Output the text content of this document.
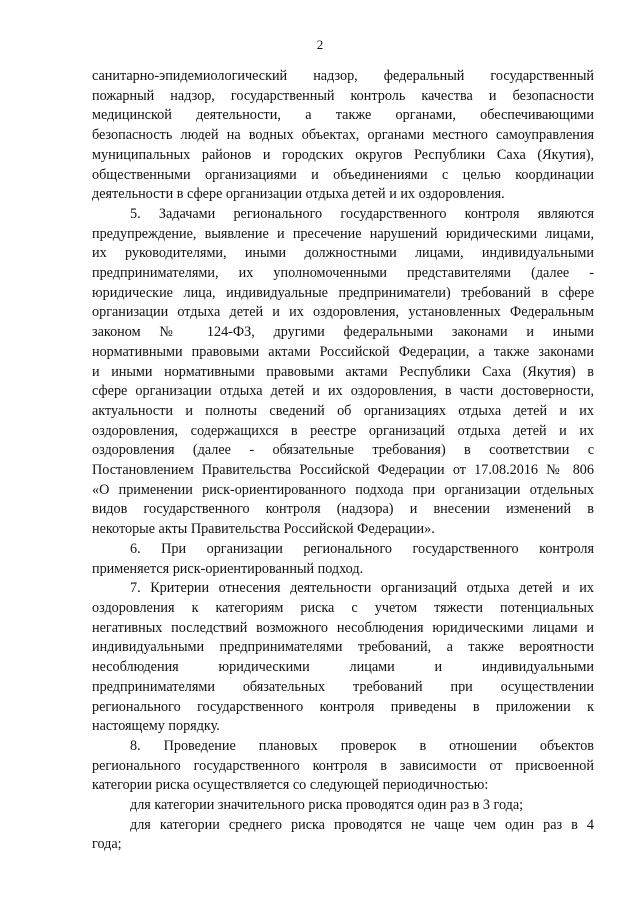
2
санитарно-эпидемиологический надзор, федеральный государственный
пожарный надзор, государственный контроль качества и безопасности
медицинской деятельности, а также органами, обеспечивающими
безопасность людей на водных объектах, органами местного самоуправления
муниципальных районов и городских округов Республики Саха (Якутия),
общественными организациями и объединениями с целью координации
деятельности в сфере организации отдыха детей и их оздоровления.
5. Задачами регионального государственного контроля являются
предупреждение, выявление и пресечение нарушений юридическими лицами,
их руководителями, иными должностными лицами, индивидуальными
предпринимателями, их уполномоченными представителями (далее -
юридические лица, индивидуальные предприниматели) требований в сфере
организации отдыха детей и их оздоровления, установленных Федеральным
законом № 124-ФЗ, другими федеральными законами и иными
нормативными правовыми актами Российской Федерации, а также законами
и иными нормативными правовыми актами Республики Саха (Якутия) в
сфере организации отдыха детей и их оздоровления, в части достоверности,
актуальности и полноты сведений об организациях отдыха детей и их
оздоровления, содержащихся в реестре организаций отдыха детей и их
оздоровления (далее - обязательные требования) в соответствии с
Постановлением Правительства Российской Федерации от 17.08.2016 № 806
«О применении риск-ориентированного подхода при организации отдельных
видов государственного контроля (надзора) и внесении изменений в
некоторые акты Правительства Российской Федерации».
6. При организации регионального государственного контроля
применяется риск-ориентированный подход.
7. Критерии отнесения деятельности организаций отдыха детей и их
оздоровления к категориям риска с учетом тяжести потенциальных
негативных последствий возможного несоблюдения юридическими лицами и
индивидуальными предпринимателями требований, а также вероятности
несоблюдения юридическими лицами и индивидуальными
предпринимателями обязательных требований при осуществлении
регионального государственного контроля приведены в приложении к
настоящему порядку.
8. Проведение плановых проверок в отношении объектов
регионального государственного контроля в зависимости от присвоенной
категории риска осуществляется со следующей периодичностью:
для категории значительного риска проводятся один раз в 3 года;
для категории среднего риска проводятся не чаще чем один раз в 4
года;
